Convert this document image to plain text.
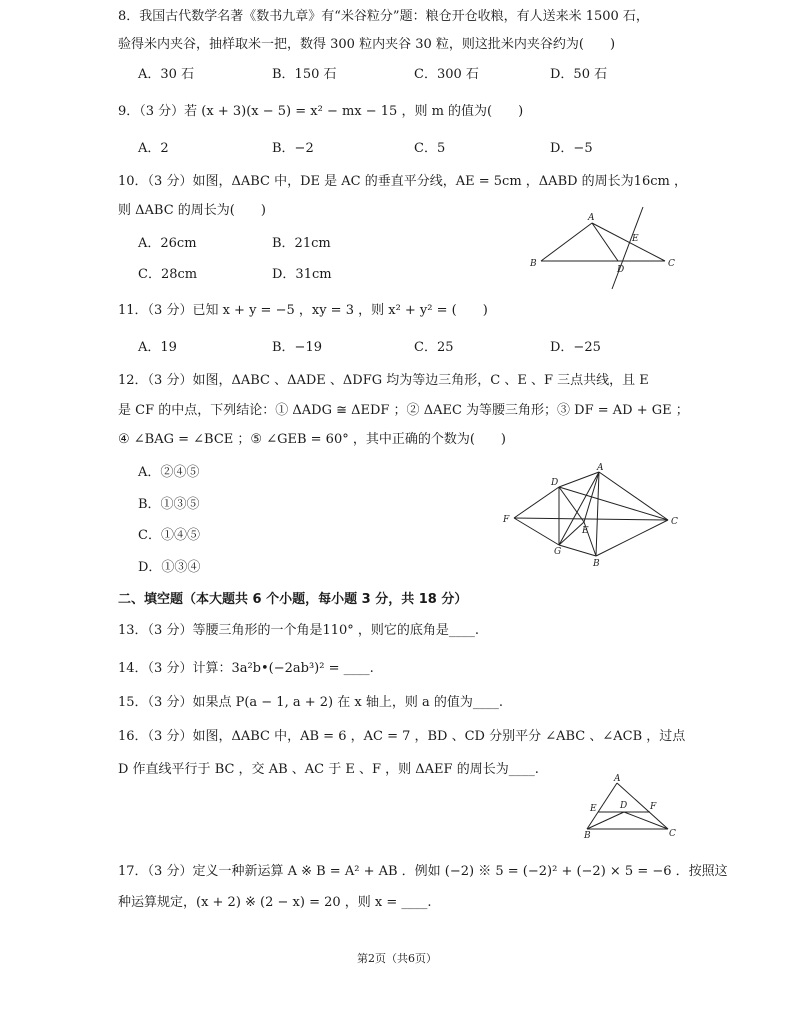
8．我国古代数学名著《数书九章》有“米谷粒分”题：粮仓开仓收粮，有人送来米 1500 石，
验得米内夹谷，抽样取米一把，数得 300 粒内夹谷 30 粒，则这批米内夹谷约为(　　)
A．30 石	B．150 石	C．300 石	D．50 石
9．（3 分）若 (x + 3)(x − 5) = x² − mx − 15 ，则 m 的值为(　　)
A．2	B．−2	C．5	D．−5
10．（3 分）如图，ΔABC 中，DE 是 AC 的垂直平分线，AE = 5cm ，ΔABD 的周长为16cm ，
则 ΔABC 的周长为(　　)
A．26cm	B．21cm
C．28cm	D．31cm
A
B	C
D
E
11．（3 分）已知 x + y = −5 ，xy = 3 ，则 x² + y² = (　　)
A．19	B．−19	C．25	D．−25
12．（3 分）如图，ΔABC 、ΔADE 、ΔDFG 均为等边三角形，C 、E 、F 三点共线，且 E
是 CF 的中点，下列结论：① ΔADG ≅ ΔEDF ；② ΔAEC 为等腰三角形；③ DF = AD + GE ；
④ ∠BAG = ∠BCE ；⑤ ∠GEB = 60° ，其中正确的个数为(　　)
A．②④⑤
B．①③⑤
C．①④⑤
D．①③④
A
D
F	C
E
G
B
二、填空题（本大题共 6 个小题，每小题 3 分，共 18 分）
13．（3 分）等腰三角形的一个角是110° ，则它的底角是____.
14．（3 分）计算：3a²b•(−2ab³)² = ____.
15．（3 分）如果点 P(a − 1, a + 2) 在 x 轴上，则 a 的值为____.
16．（3 分）如图，ΔABC 中，AB = 6 ，AC = 7 ，BD 、CD 分别平分 ∠ABC 、∠ACB ，过点
D 作直线平行于 BC ，交 AB 、AC 于 E 、F ，则 ΔAEF 的周长为____.
A
E	D	F
B	C
17．（3 分）定义一种新运算 A ※ B = A² + AB ．例如 (−2) ※ 5 = (−2)² + (−2) × 5 = −6 ．按照这
种运算规定，(x + 2) ※ (2 − x) = 20 ，则 x = ____.
第2页（共6页）
